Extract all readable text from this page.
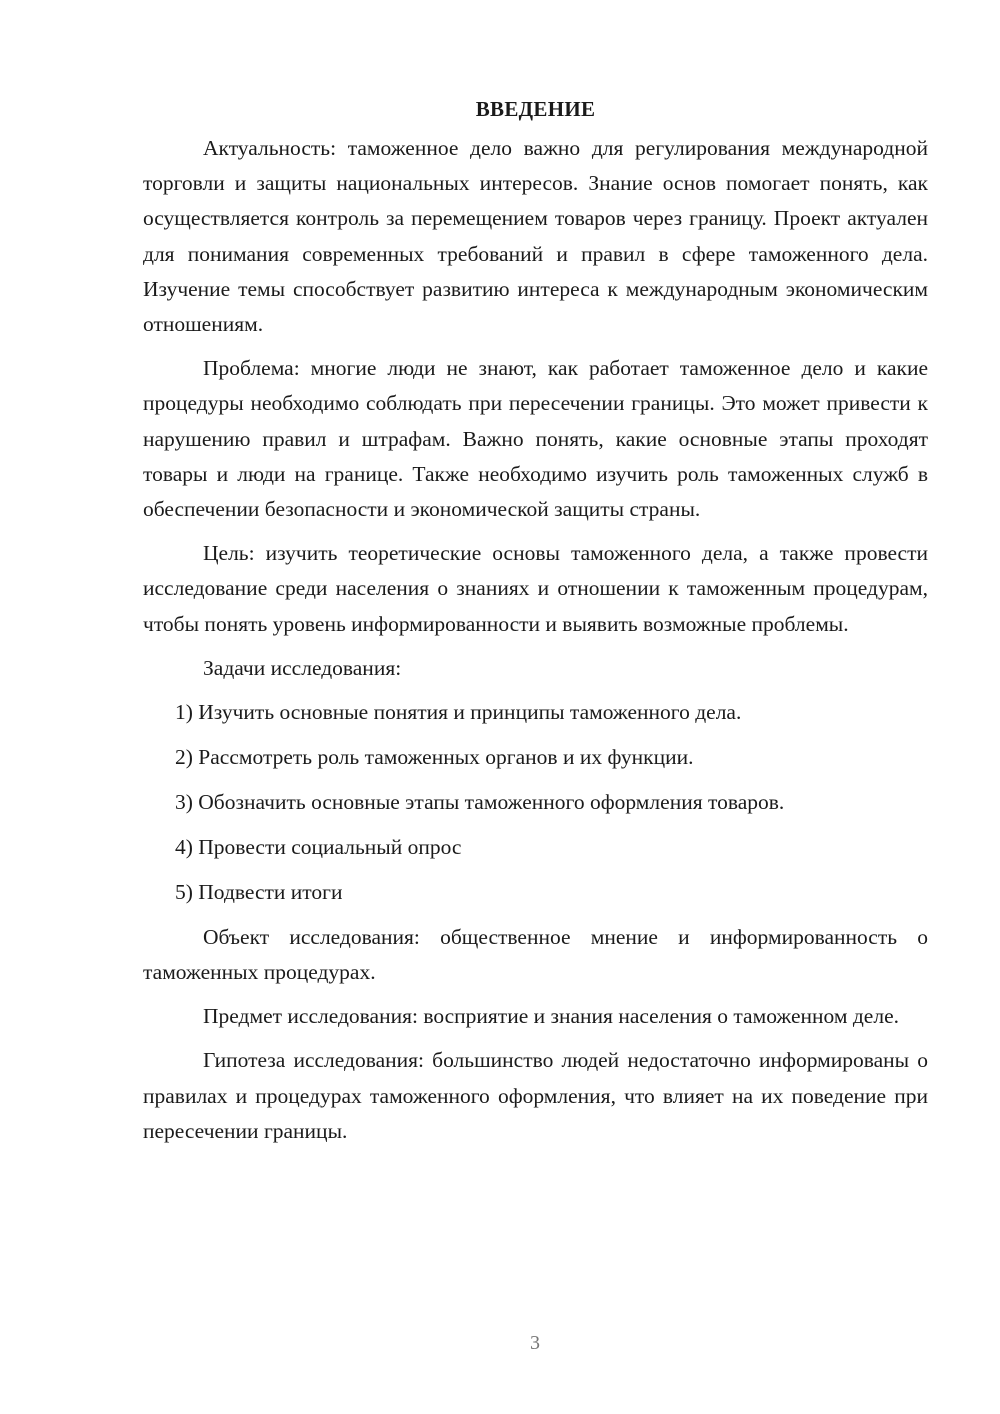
ВВЕДЕНИЕ

Актуальность: таможенное дело важно для регулирования международной торговли и защиты национальных интересов. Знание основ помогает понять, как осуществляется контроль за перемещением товаров через границу. Проект актуален для понимания современных требований и правил в сфере таможенного дела. Изучение темы способствует развитию интереса к международным экономическим отношениям.

Проблема: многие люди не знают, как работает таможенное дело и какие процедуры необходимо соблюдать при пересечении границы. Это может привести к нарушению правил и штрафам. Важно понять, какие основные этапы проходят товары и люди на границе. Также необходимо изучить роль таможенных служб в обеспечении безопасности и экономической защиты страны.

Цель: изучить теоретические основы таможенного дела, а также провести исследование среди населения о знаниях и отношении к таможенным процедурам, чтобы понять уровень информированности и выявить возможные проблемы.

Задачи исследования:

1) Изучить основные понятия и принципы таможенного дела.
2) Рассмотреть роль таможенных органов и их функции.
3) Обозначить основные этапы таможенного оформления товаров.
4) Провести социальный опрос
5) Подвести итоги

Объект исследования: общественное мнение и информированность о таможенных процедурах.

Предмет исследования: восприятие и знания населения о таможенном деле.

Гипотеза исследования: большинство людей недостаточно информированы о правилах и процедурах таможенного оформления, что влияет на их поведение при пересечении границы.

3
